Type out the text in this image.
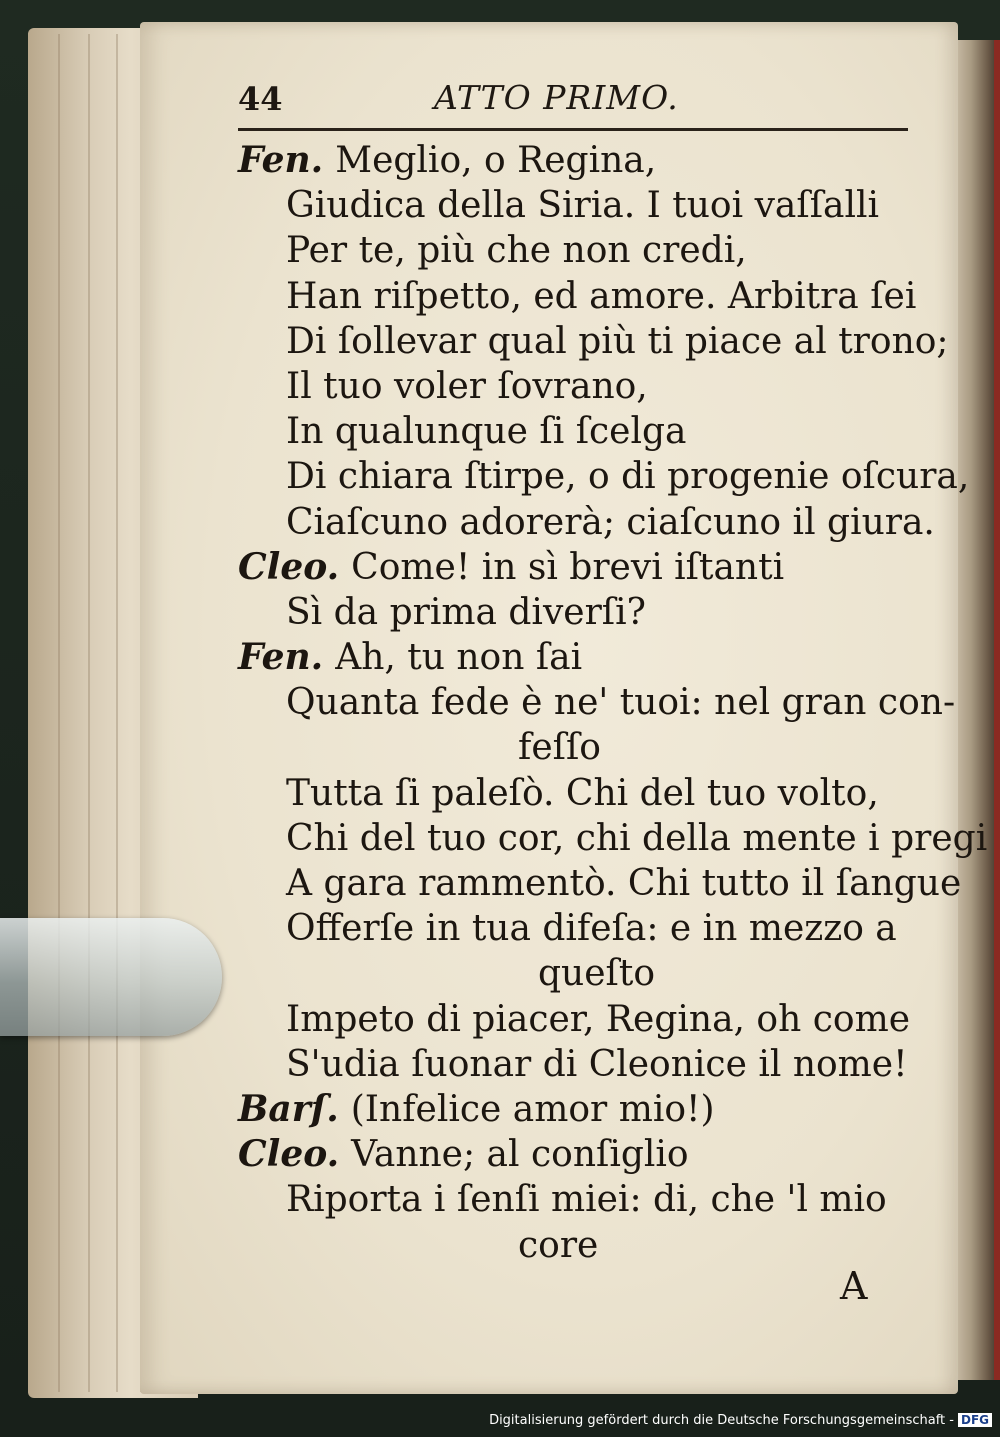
44	ATTO PRIMO.
Fen. Meglio, o Regina,
Giudica della Siria. I tuoi vaſſalli
Per te, più che non credi,
Han riſpetto, ed amore. Arbitra ſei
Di ſollevar qual più ti piace al trono;
Il tuo voler ſovrano,
In qualunque ſi ſcelga
Di chiara ſtirpe, o di progenie oſcura,
Ciaſcuno adorerà; ciaſcuno il giura.
Cleo. Come! in sì brevi iſtanti
Sì da prima diverſi?
Fen. Ah, tu non ſai
Quanta fede è ne' tuoi: nel gran con-
feſſo
Tutta ſi paleſò. Chi del tuo volto,
Chi del tuo cor, chi della mente i pregi
A gara rammentò. Chi tutto il ſangue
Offerſe in tua difeſa: e in mezzo a
queſto
Impeto di piacer, Regina, oh come
S'udia ſuonar di Cleonice il nome!
Barſ. (Infelice amor mio!)
Cleo. Vanne; al conſiglio
Riporta i ſenſi miei: di, che 'l mio
core
A
Digitalisierung gefördert durch die Deutsche Forschungsgemeinschaft - DFG
